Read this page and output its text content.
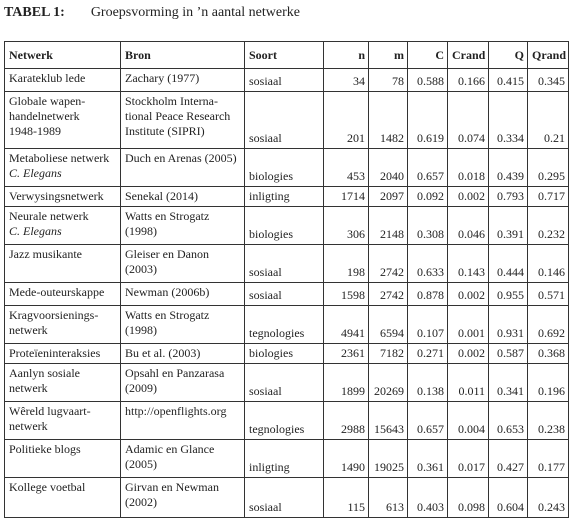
TABEL 1: Groepsvorming in ’n aantal netwerke
Netwerk	Bron	Soort	n	m	C	Crand	Q	Qrand
Karateklub lede	Zachary (1977)	sosiaal	34	78	0.588	0.166	0.415	0.345
Globale wapen-
handelnetwerk
1948-1989	Stockholm Interna-
tional Peace Research
Institute (SIPRI)	sosiaal	201	1482	0.619	0.074	0.334	0.21
Metaboliese netwerk
C. Elegans	Duch en Arenas (2005)	biologies	453	2040	0.657	0.018	0.439	0.295
Verwysingsnetwerk	Senekal (2014)	inligting	1714	2097	0.092	0.002	0.793	0.717
Neurale netwerk
C. Elegans	Watts en Strogatz
(1998)	biologies	306	2148	0.308	0.046	0.391	0.232
Jazz musikante	Gleiser en Danon
(2003)	sosiaal	198	2742	0.633	0.143	0.444	0.146
Mede-outeurskappe	Newman (2006b)	sosiaal	1598	2742	0.878	0.002	0.955	0.571
Kragvoorsienings-
netwerk	Watts en Strogatz
(1998)	tegnologies	4941	6594	0.107	0.001	0.931	0.692
Proteïeninteraksies	Bu et al. (2003)	biologies	2361	7182	0.271	0.002	0.587	0.368
Aanlyn sosiale
netwerk	Opsahl en Panzarasa
(2009)	sosiaal	1899	20269	0.138	0.011	0.341	0.196
Wêreld lugvaart-
netwerk	http://openflights.org	tegnologies	2988	15643	0.657	0.004	0.653	0.238
Politieke blogs	Adamic en Glance
(2005)	inligting	1490	19025	0.361	0.017	0.427	0.177
Kollege voetbal	Girvan en Newman
(2002)	sosiaal	115	613	0.403	0.098	0.604	0.243
